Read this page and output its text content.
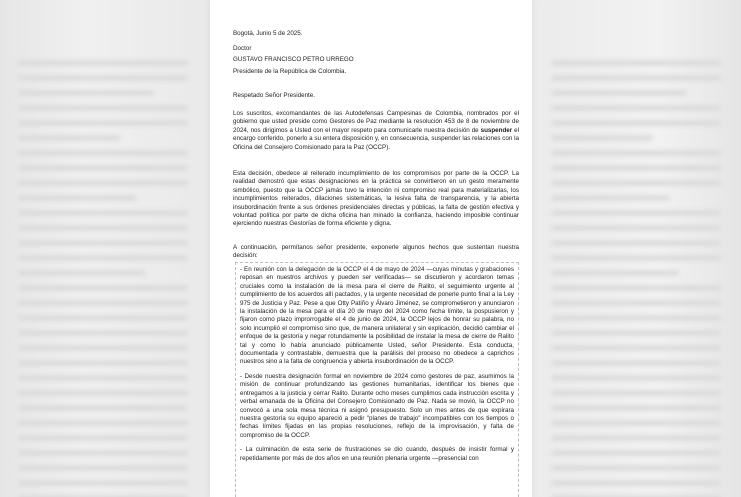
Bogotá, Junio 5 de 2025.

Doctor

GUSTAVO FRANCISCO PETRO URREGO

Presidente de la República de Colombia.

Respetado Señor Presidente.

Los suscritos, excomandantes de las Autodefensas Campesinas de Colombia, nombrados por el gobierno que usted preside como Gestores de Paz mediante la resolución 453 de 8 de noviembre de 2024, nos dirigimos a Usted con el mayor respeto para comunicarle nuestra decisión de suspender el encargo conferido, ponerlo a su entera disposición y, en consecuencia, suspender las relaciones con la Oficina del Consejero Comisionado para la Paz (OCCP).

Esta decisión, obedece al reiterado incumplimiento de los compromisos por parte de la OCCP. La realidad demostró que estas designaciones en la práctica se convirtieron en un gesto meramente simbólico, puesto que la OCCP jamás tuvo la intención ni compromiso real para materializarlas, los incumplimientos reiterados, dilaciones sistemáticas, la lesiva falta de transparencia, y la abierta insubordinación frente a sus órdenes presidenciales directas y públicas, la falta de gestión efectiva y voluntad política por parte de dicha oficina han minado la confianza, haciendo imposible continuar ejerciendo nuestras Gestorías de forma eficiente y digna.

A continuación, permítanos señor presidente, exponerle algunos hechos que sustentan nuestra decisión:

- En reunión con la delegación de la OCCP el 4 de mayo de 2024 —cuyas minutas y grabaciones reposan en nuestros archivos y pueden ser verificadas— se discutieron y acordaron temas cruciales como la instalación de la mesa para el cierre de Ralito, el seguimiento urgente al cumplimiento de los acuerdos allí pactados, y la urgente necesidad de ponerle punto final a la Ley 975 de Justicia y Paz. Pese a que Otty Patiño y Álvaro Jiménez, se comprometieron y anunciaron la instalación de la mesa para el día 20 de mayo del 2024 como fecha límite, la pospusieron y fijaron como plazo improrrogable el 4 de junio de 2024, la OCCP lejos de honrar su palabra, no solo incumplió el compromiso sino que, de manera unilateral y sin explicación, decidió cambiar el enfoque de la gestoría y negar rotundamente la posibilidad de instalar la mesa de cierre de Ralito tal y como lo había anunciado públicamente Usted, señor Presidente. Esta conducta, documentada y contrastable, demuestra que la parálisis del proceso no obedece a caprichos nuestros sino a la falta de congruencia y abierta insubordinación de la OCCP.

- Desde nuestra designación formal en noviembre de 2024 como gestores de paz, asumimos la misión de continuar profundizando las gestiones humanitarias, identificar los bienes que entregamos a la justicia y cerrar Ralito. Durante ocho meses cumplimos cada instrucción escrita y verbal emanada de la Oficina del Consejero Comisionado de Paz. Nada se movió, la OCCP no convocó a una sola mesa técnica ni asignó presupuesto. Solo un mes antes de que expirara nuestra gestoría su equipo apareció a pedir "planes de trabajo" incompatibles con los tiempos o fechas límites fijadas en las propias resoluciones, reflejo de la improvisación, y falta de compromiso de la OCCP.

- La culminación de esta serie de frustraciones se dio cuando, después de insistir formal y repetidamente por más de dos años en una reunión plenaria urgente —presencial con
